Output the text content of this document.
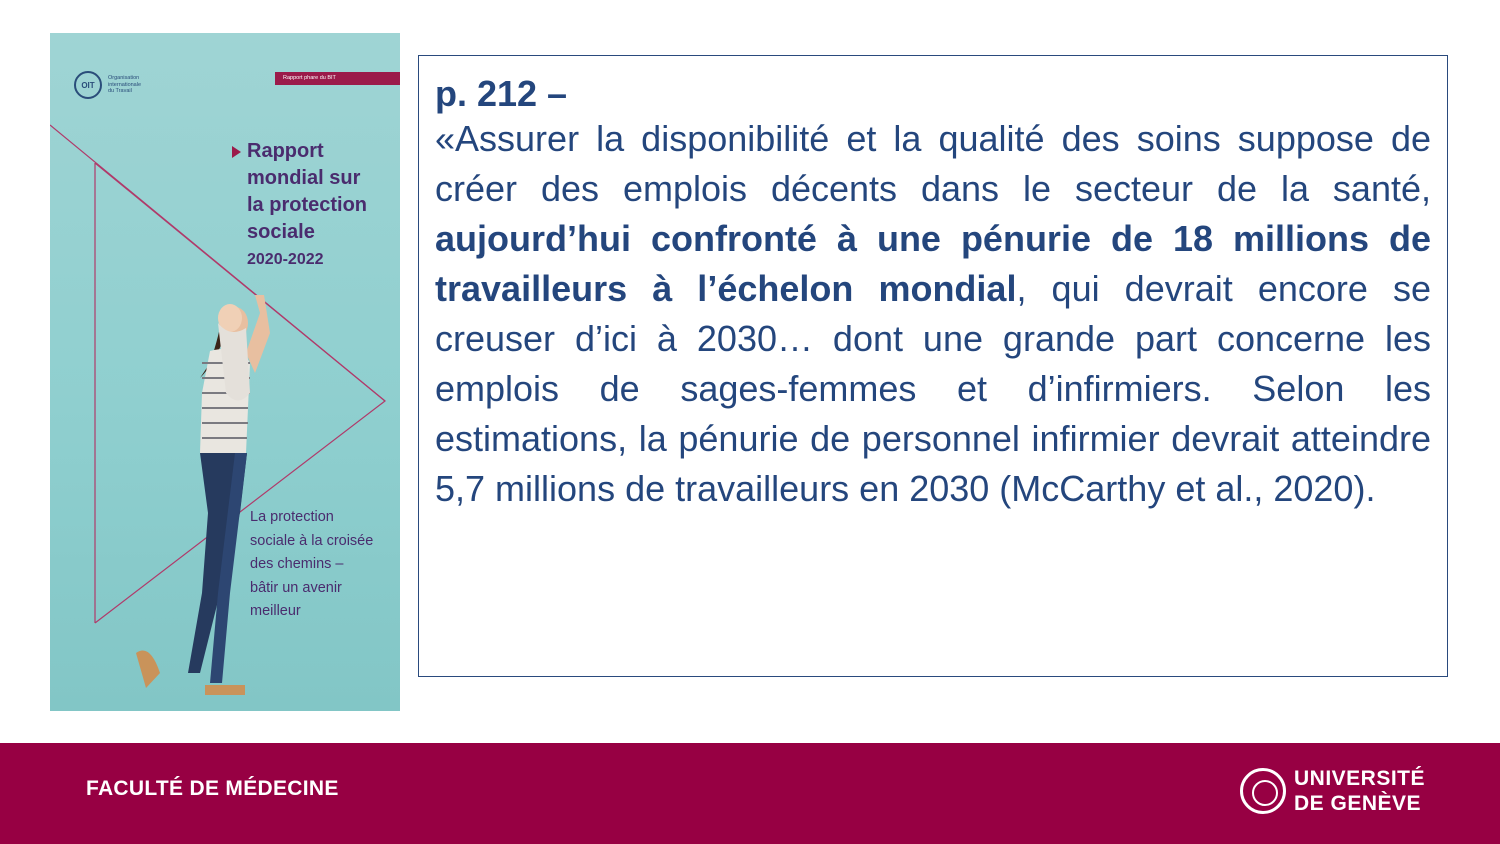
OIT
Organisation
internationale
du Travail
Rapport phare du BIT
Rapport
mondial sur
la protection
sociale
2020-2022
La protection
sociale à la croisée
des chemins –
bâtir un avenir
meilleur
p. 212 –

«Assurer la disponibilité et la qualité des soins suppose de créer des emplois décents dans le secteur de la santé, aujourd’hui confronté à une pénurie de 18 millions de travailleurs à l’échelon mondial, qui devrait encore se creuser d’ici à 2030… dont une grande part concerne les emplois de sages-femmes et d’infirmiers. Selon les estimations, la pénurie de personnel infirmier devrait atteindre 5,7 millions de travailleurs en 2030 (McCarthy et al., 2020).

FACULTÉ DE MÉDECINE	UNIVERSITÉ
DE GENÈVE
